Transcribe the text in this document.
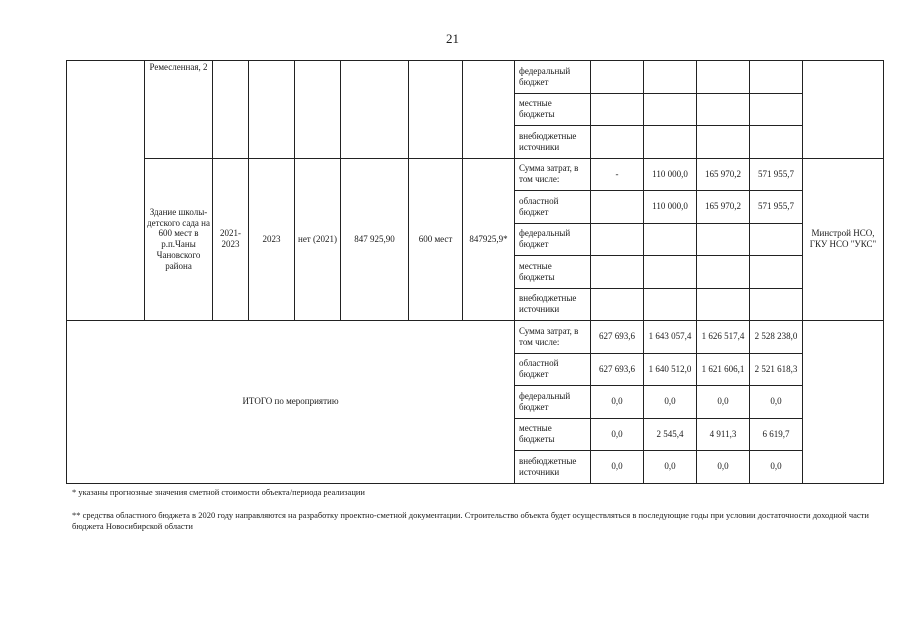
21
	Ремесленная, 2							федеральный бюджет					
								местные бюджеты					
								внебюджетные источники					
	Здание школы-детского сада на 600 мест в р.п.Чаны Чановского района	2021-2023	2023	нет (2021)	847 925,90	600 мест	847925,9*	Сумма затрат, в том числе:	-	110 000,0	165 970,2	571 955,7	Минстрой НСО, ГКУ НСО "УКС"
								областной бюджет		110 000,0	165 970,2	571 955,7	
								федеральный бюджет					
								местные бюджеты					
								внебюджетные источники					
ИТОГО по мероприятию								Сумма затрат, в том числе:	627 693,6	1 643 057,4	1 626 517,4	2 528 238,0	
								областной бюджет	627 693,6	1 640 512,0	1 621 606,1	2 521 618,3	
								федеральный бюджет	0,0	0,0	0,0	0,0	
								местные бюджеты	0,0	2 545,4	4 911,3	6 619,7	
								внебюджетные источники	0,0	0,0	0,0	0,0	
* указаны прогнозные значения сметной стоимости объекта/периода реализации
** средства областного бюджета в 2020 году направляются на разработку проектно-сметной документации. Строительство объекта будет осуществляться в последующие годы при условии достаточности доходной части бюджета Новосибирской области
